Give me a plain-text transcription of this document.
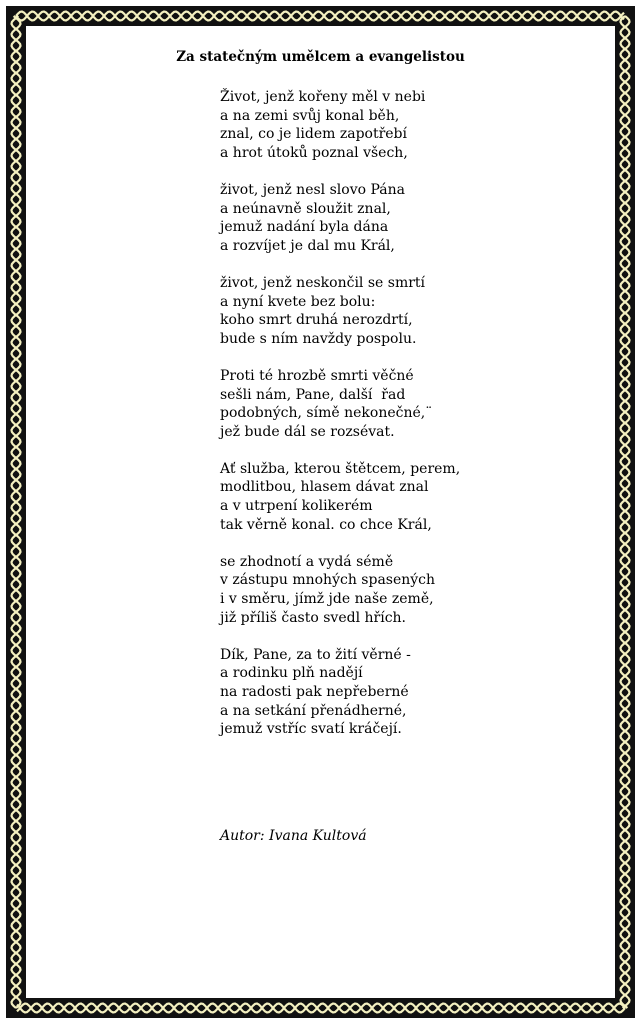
Za statečným umělcem a evangelistou
Život, jenž kořeny měl v nebi
a na zemi svůj konal běh,
znal, co je lidem zapotřebí
a hrot útoků poznal všech,
život, jenž nesl slovo Pána
a neúnavně sloužit znal,
jemuž nadání byla dána
a rozvíjet je dal mu Král,
život, jenž neskončil se smrtí
a nyní kvete bez bolu:
koho smrt druhá nerozdrtí,
bude s ním navždy pospolu.
Proti té hrozbě smrti věčné
sešli nám, Pane, další  řad
podobných, símě nekonečné,¨
jež bude dál se rozsévat.
Ať služba, kterou štětcem, perem,
modlitbou, hlasem dávat znal
a v utrpení kolikerém
tak věrně konal. co chce Král,
se zhodnotí a vydá sémě
v zástupu mnohých spasených
i v směru, jímž jde naše země,
již příliš často svedl hřích.
Dík, Pane, za to žití věrné -
a rodinku plň nadějí
na radosti pak nepřeberné
a na setkání přenádherné,
jemuž vstříc svatí kráčejí.
Autor: Ivana Kultová
